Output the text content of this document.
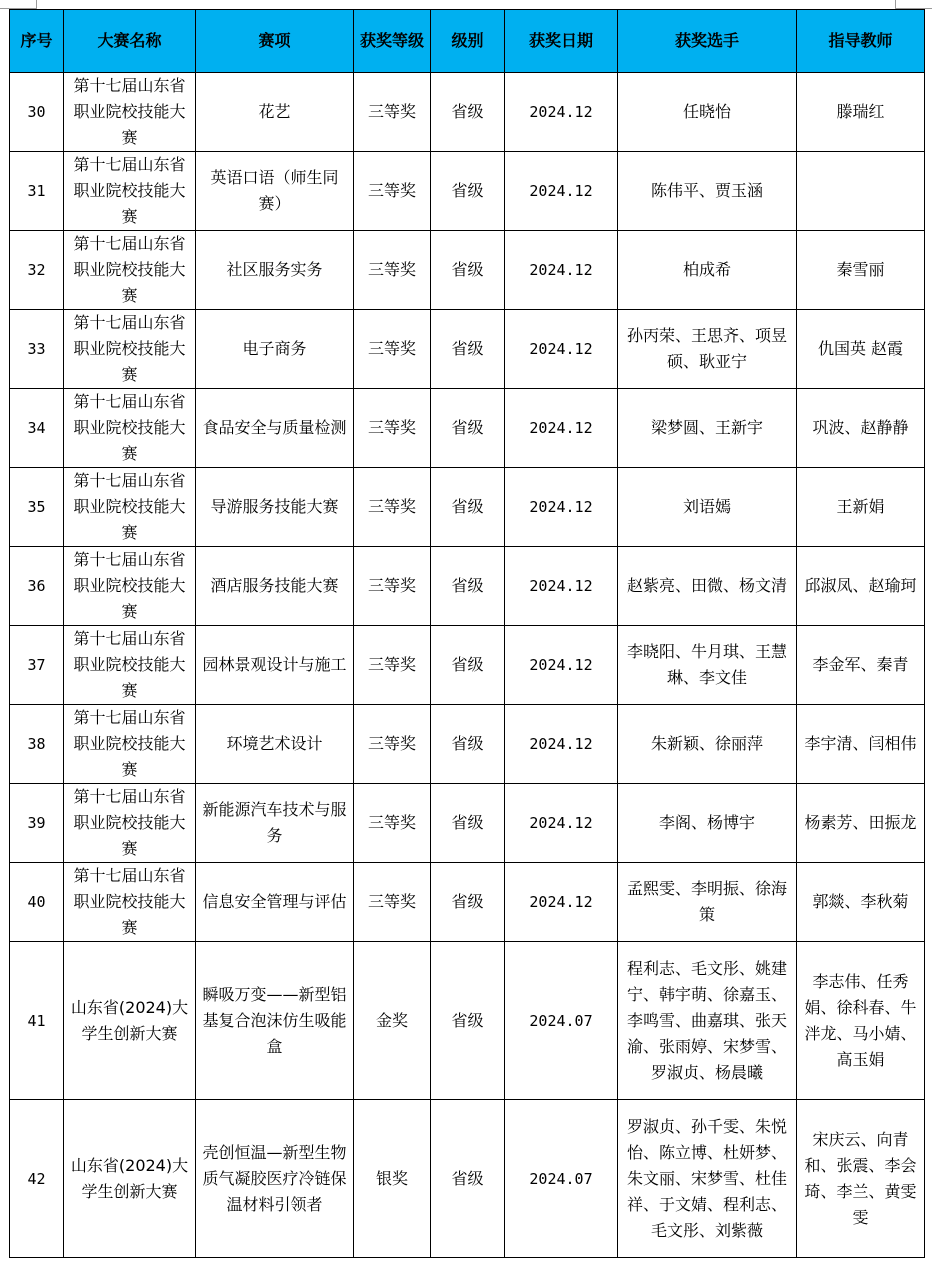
序号	大赛名称	赛项	获奖等级	级别	获奖日期	获奖选手	指导教师
30	第十七届山东省职业院校技能大赛	花艺	三等奖	省级	2024.12	任晓怡	滕瑞红
31	第十七届山东省职业院校技能大赛	英语口语（师生同赛）	三等奖	省级	2024.12	陈伟平、贾玉涵	
32	第十七届山东省职业院校技能大赛	社区服务实务	三等奖	省级	2024.12	柏成希	秦雪丽
33	第十七届山东省职业院校技能大赛	电子商务	三等奖	省级	2024.12	孙丙荣、王思齐、项昱硕、耿亚宁	仇国英 赵霞
34	第十七届山东省职业院校技能大赛	食品安全与质量检测	三等奖	省级	2024.12	梁梦圆、王新宇	巩波、赵静静
35	第十七届山东省职业院校技能大赛	导游服务技能大赛	三等奖	省级	2024.12	刘语嫣	王新娟
36	第十七届山东省职业院校技能大赛	酒店服务技能大赛	三等奖	省级	2024.12	赵紫亮、田微、杨文清	邱淑凤、赵瑜珂
37	第十七届山东省职业院校技能大赛	园林景观设计与施工	三等奖	省级	2024.12	李晓阳、牛月琪、王慧琳、李文佳	李金军、秦青
38	第十七届山东省职业院校技能大赛	环境艺术设计	三等奖	省级	2024.12	朱新颖、徐丽萍	李宇清、闫相伟
39	第十七届山东省职业院校技能大赛	新能源汽车技术与服务	三等奖	省级	2024.12	李阁、杨博宇	杨素芳、田振龙
40	第十七届山东省职业院校技能大赛	信息安全管理与评估	三等奖	省级	2024.12	孟熙雯、李明振、徐海策	郭燚、李秋菊
41	山东省(2024)大学生创新大赛	瞬吸万变——新型铝基复合泡沫仿生吸能盒	金奖	省级	2024.07	程利志、毛文彤、姚建宁、韩宇萌、徐嘉玉、李鸣雪、曲嘉琪、张天渝、张雨婷、宋梦雪、罗淑贞、杨晨曦	李志伟、任秀娟、徐科春、牛泮龙、马小婧、高玉娟
42	山东省(2024)大学生创新大赛	壳创恒温—新型生物质气凝胶医疗冷链保温材料引领者	银奖	省级	2024.07	罗淑贞、孙千雯、朱悦怡、陈立博、杜妍梦、朱文丽、宋梦雪、杜佳祥、于文婧、程利志、毛文彤、刘紫薇	宋庆云、向青和、张震、李会琦、李兰、黄雯雯
